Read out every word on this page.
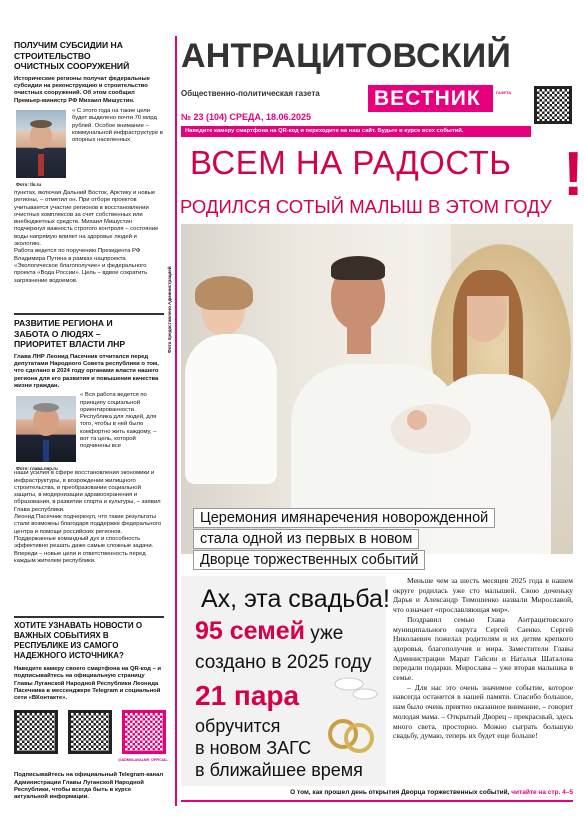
ПОЛУЧИМ СУБСИДИИ НА СТРОИТЕЛЬСТВО ОЧИСТНЫХ СООРУЖЕНИЙ
Исторические регионы получат федеральные субсидии на реконструкцию и строительство очистных сооружений. Об этом сообщил Премьер-министр РФ Михаил Мишустин.
Фото: tls.ru
« С этого года на такие цели будет выделено почти 70 млрд рублей. Особое внимание – коммунальной инфраструктуре в опорных населенных
пунктах, включая Дальний Восток, Арктику и новые регионы, – отметил он. При отборе проектов учитывается участие регионов в восстановлении очистных комплексов за счет собственных или внебюджетных средств. Михаил Мишустин подчеркнул важность строгого контроля – состояние воды напрямую влияет на здоровье людей и экологию.
Работа ведется по поручению Президента РФ Владимира Путина в рамках нацпроекта «Экологическое благополучие» и федерального проекта «Вода России». Цель – вдвое сократить загрязнение водоемов.
РАЗВИТИЕ РЕГИОНА И ЗАБОТА О ЛЮДЯХ – ПРИОРИТЕТ ВЛАСТИ ЛНР
Глава ЛНР Леонид Пасечник отчитался перед депутатами Народного Совета республики о том, что сделано в 2024 году органами власти нашего региона для его развития и повышения качества жизни граждан.
Фото: глава.лнр.ru
« Вся работа ведется по принципу социальной ориентированности. Республика для людей, для того, чтобы в ней было комфортно жить каждому, – вот та цель, которой подчинены все
наши усилия в сфере восстановления экономики и инфраструктуры, в возрождении жилищного строительства, в преобразовании социальной защиты, в модернизации здравоохранения и образования, в развитии спорта и культуры, – заявил Глава республики.
Леонид Пасечник подчеркнул, что такие результаты стали возможны благодаря поддержке федерального центра и помощи российских регионов. Поддержанные командный дух и способность эффективно решать даже самые сложные задачи.
Впереди – новые цели и ответственность перед каждым жителем республики.
ХОТИТЕ УЗНАВАТЬ НОВОСТИ О ВАЖНЫХ СОБЫТИЯХ В РЕСПУБЛИКЕ ИЗ САМОГО НАДЕЖНОГО ИСТОЧНИКА?
Наведите камеру своего смартфона на QR-код – и подписывайтесь на официальную страницу Главы Луганской Народной Республики Леонида Пасечника в мессенджере Telegram и социальной сети «ВКонтакте».
@ADMGLAVALNR_OFFICIAL
Подписывайтесь на официальный Telegram-канал Администрации Главы Луганской Народной Республики, чтобы всегда быть в курсе актуальной информации.
АНТРАЦИТОВСКИЙ
Общественно-политическая газета	ВЕСТНИК	ГАЗЕТА
№ 23 (104) СРЕДА, 18.06.2025
Наведите камеру смартфона на QR-код и переходите на наш сайт. Будьте в курсе всех событий.
ВСЕМ НА РАДОСТЬ !
РОДИЛСЯ СОТЫЙ МАЛЫШ В ЭТОМ ГОДУ
Фото предоставлено Администрацией
Церемония имянаречения новорожденной
стала одной из первых в новом
Дворце торжественных событий
Ах, эта свадьба!
95 семей уже
создано в 2025 году
21 пара
обручится
в новом ЗАГС
в ближайшее время
Меньше чем за шесть месяцев 2025 года в нашем округе родилась уже сто малышей. Свою доченьку Дарья и Александр Тимошенко назвали Мирославой, что означает «прославляющая мир».
Поздравил семью Главa Антрацитовского муниципального округа Сергей Саенко. Сергей Николаевич пожелал родителям и их детям крепкого здоровья, благополучия и мира. Заместители Главы Администрации Марат Гайсин и Наталья Шаталова передали подарки. Мирослава – уже вторая малышка в семье.
– Для нас это очень значимое событие, которое навсегда останется в нашей памяти. Спасибо большое, нам было очень приятно оказанное внимание, – говорит молодая мама. – Открытый Дворец – прекрасный, здесь много света, просторно. Можно сыграть большую свадьбу, думаю, теперь их будет еще больше!
О том, как прошел день открытия Дворца торжественных событий, читайте на стр. 4–5
